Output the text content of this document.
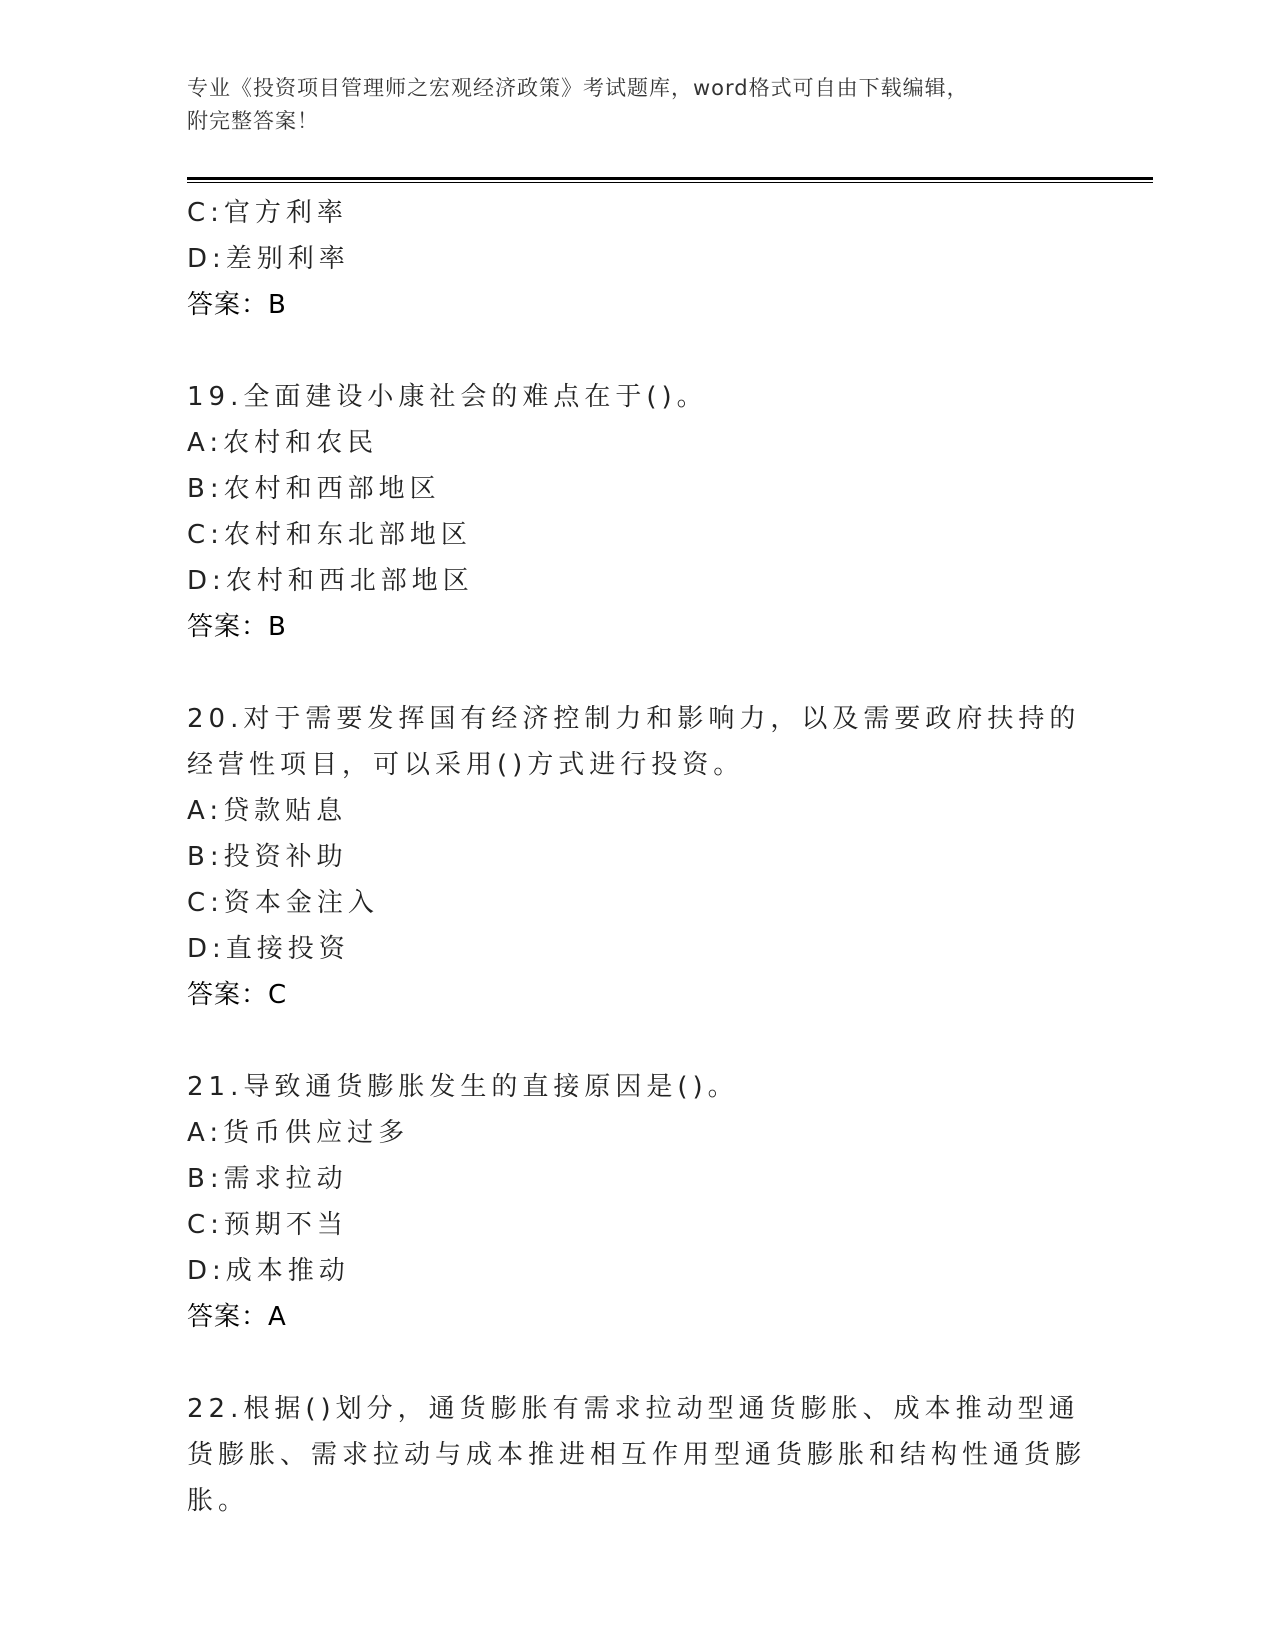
专业《投资项目管理师之宏观经济政策》考试题库，word格式可自由下载编辑，
附完整答案！
C:官方利率
D:差别利率
答案：B
19.全面建设小康社会的难点在于()。
A:农村和农民
B:农村和西部地区
C:农村和东北部地区
D:农村和西北部地区
答案：B
20.对于需要发挥国有经济控制力和影响力，以及需要政府扶持的经营性项目，可以采用()方式进行投资。
A:贷款贴息
B:投资补助
C:资本金注入
D:直接投资
答案：C
21.导致通货膨胀发生的直接原因是()。
A:货币供应过多
B:需求拉动
C:预期不当
D:成本推动
答案：A
22.根据()划分，通货膨胀有需求拉动型通货膨胀、成本推动型通货膨胀、需求拉动与成本推进相互作用型通货膨胀和结构性通货膨胀。
